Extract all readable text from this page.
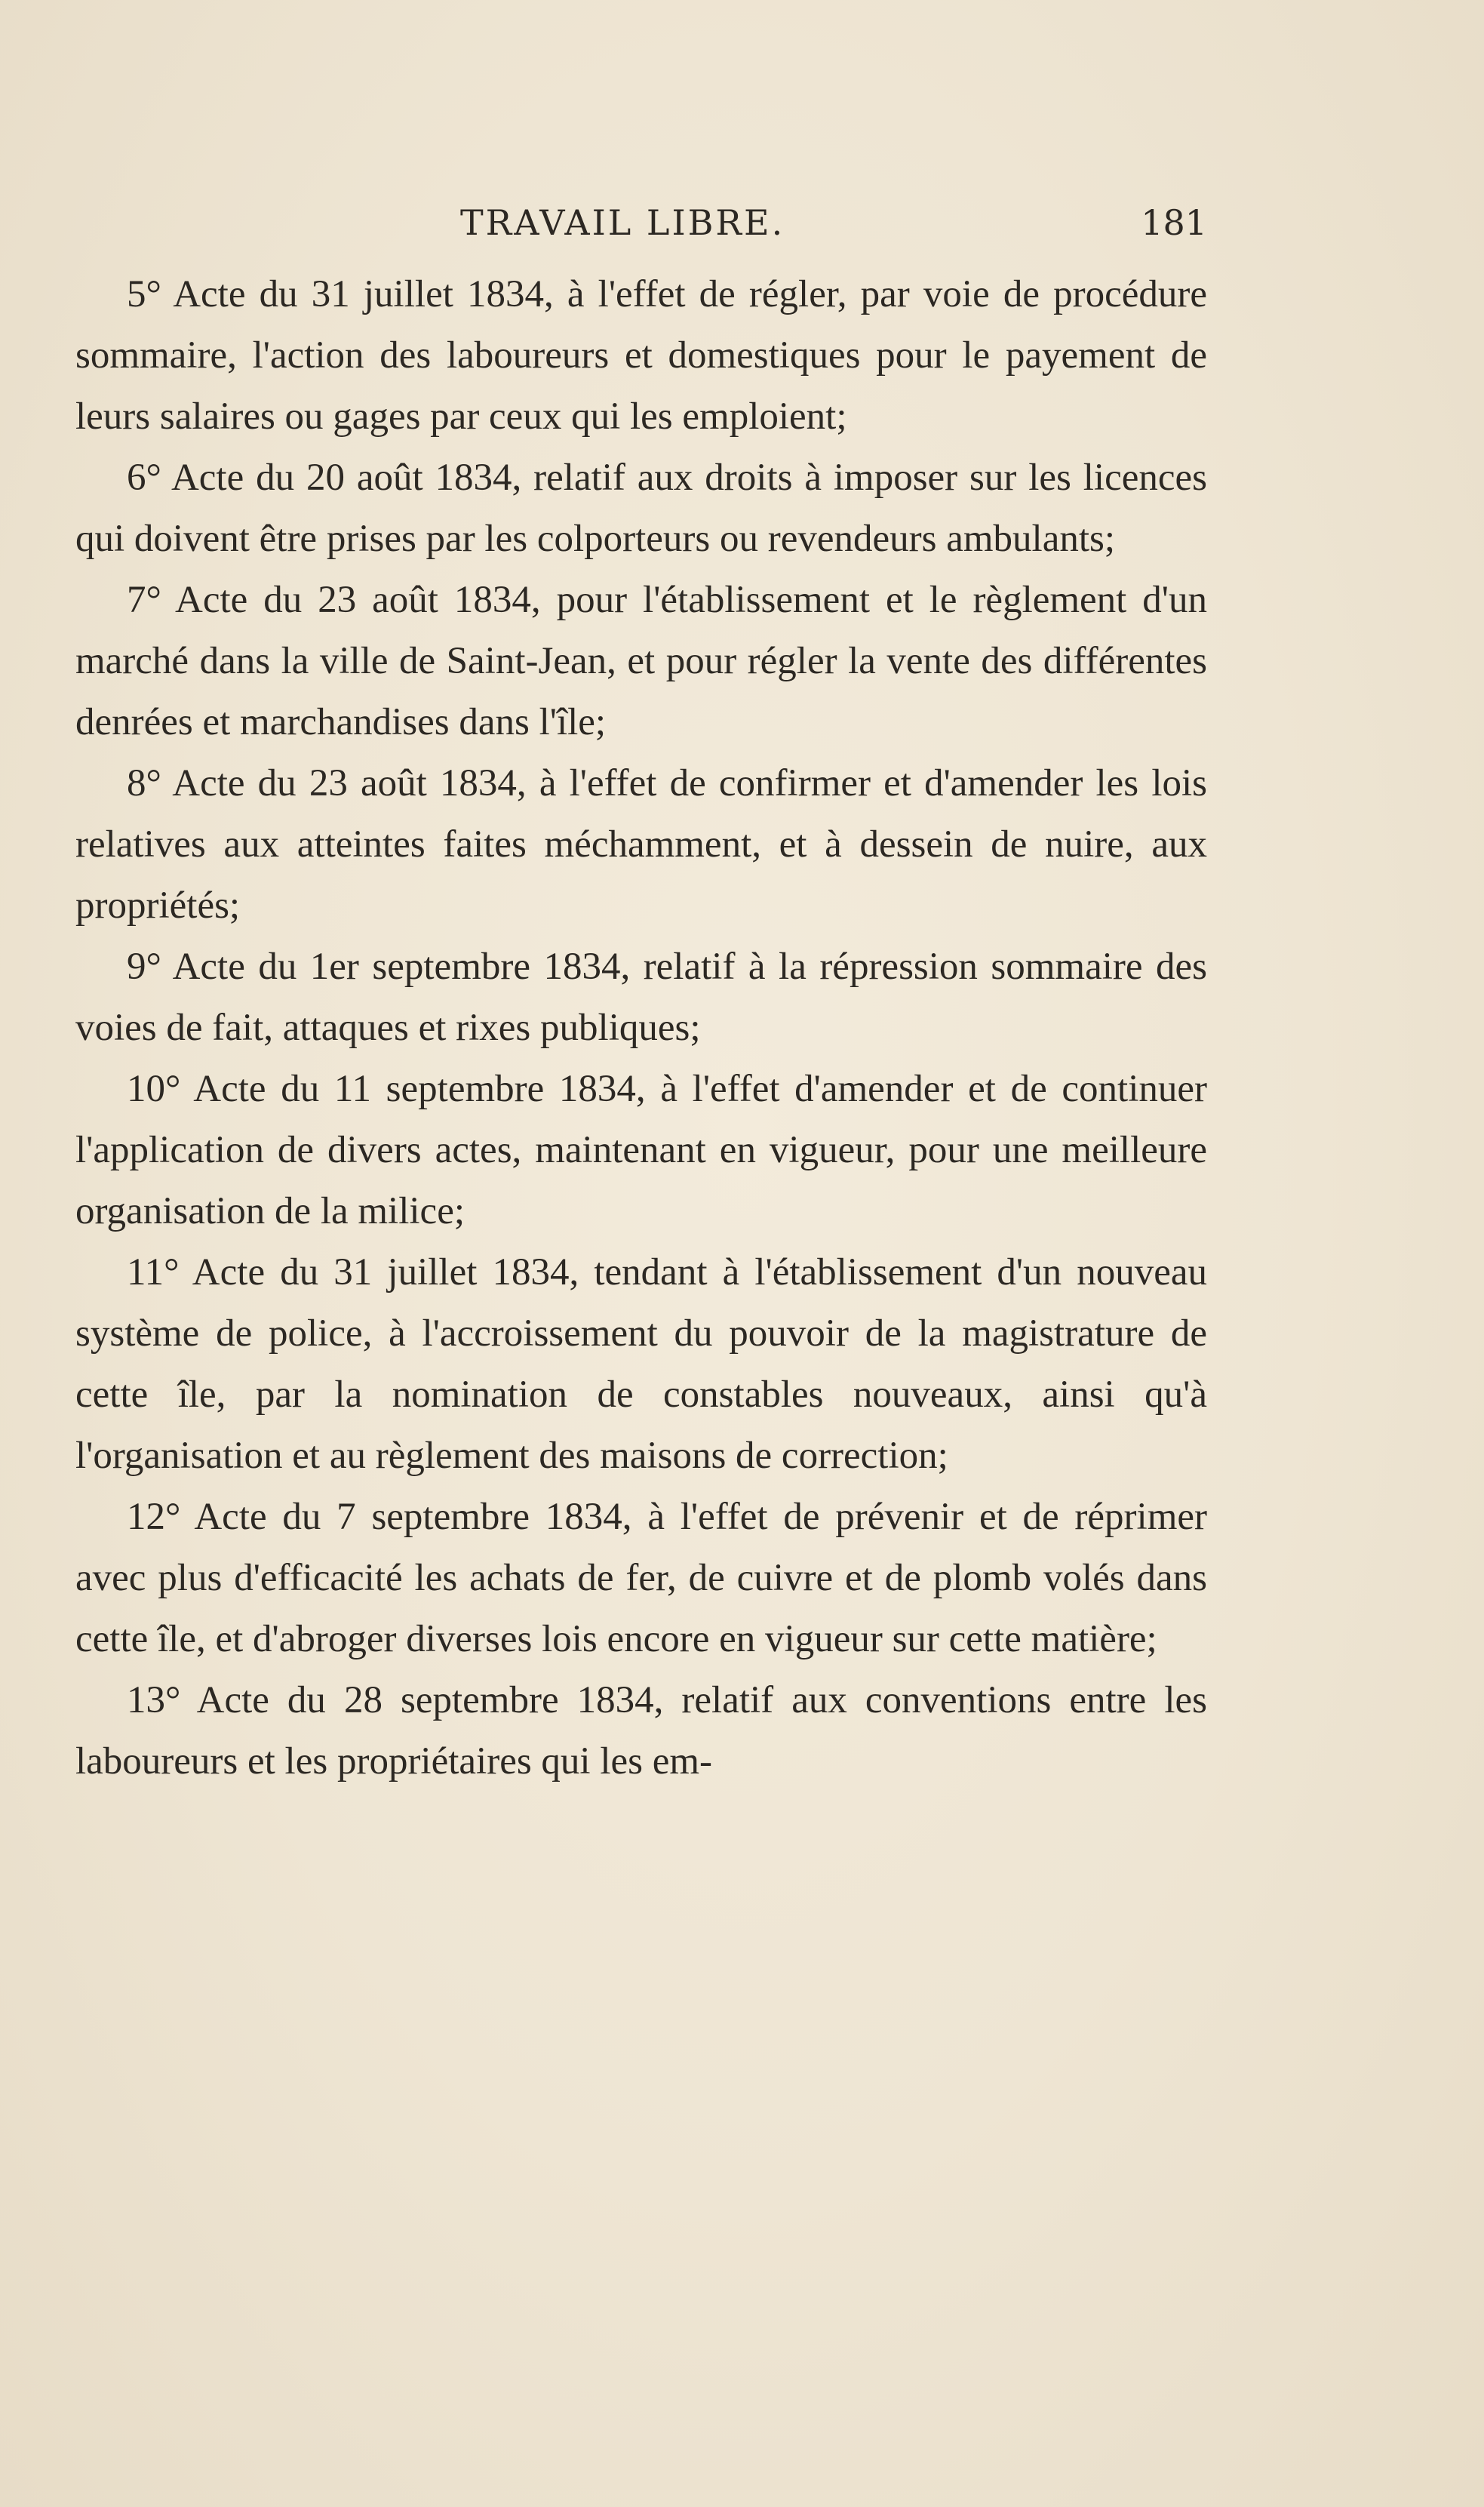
TRAVAIL LIBRE.	181

5° Acte du 31 juillet 1834, à l'effet de régler, par voie de procédure sommaire, l'action des laboureurs et domestiques pour le payement de leurs salaires ou gages par ceux qui les emploient;

6° Acte du 20 août 1834, relatif aux droits à imposer sur les licences qui doivent être prises par les colporteurs ou revendeurs ambulants;

7° Acte du 23 août 1834, pour l'établissement et le règlement d'un marché dans la ville de Saint-Jean, et pour régler la vente des différentes denrées et marchandises dans l'île;

8° Acte du 23 août 1834, à l'effet de confirmer et d'amender les lois relatives aux atteintes faites méchamment, et à dessein de nuire, aux propriétés;

9° Acte du 1er septembre 1834, relatif à la répression sommaire des voies de fait, attaques et rixes publiques;

10° Acte du 11 septembre 1834, à l'effet d'amender et de continuer l'application de divers actes, maintenant en vigueur, pour une meilleure organisation de la milice;

11° Acte du 31 juillet 1834, tendant à l'établissement d'un nouveau système de police, à l'accroissement du pouvoir de la magistrature de cette île, par la nomination de constables nouveaux, ainsi qu'à l'organisation et au règlement des maisons de correction;

12° Acte du 7 septembre 1834, à l'effet de prévenir et de réprimer avec plus d'efficacité les achats de fer, de cuivre et de plomb volés dans cette île, et d'abroger diverses lois encore en vigueur sur cette matière;

13° Acte du 28 septembre 1834, relatif aux conventions entre les laboureurs et les propriétaires qui les em-
